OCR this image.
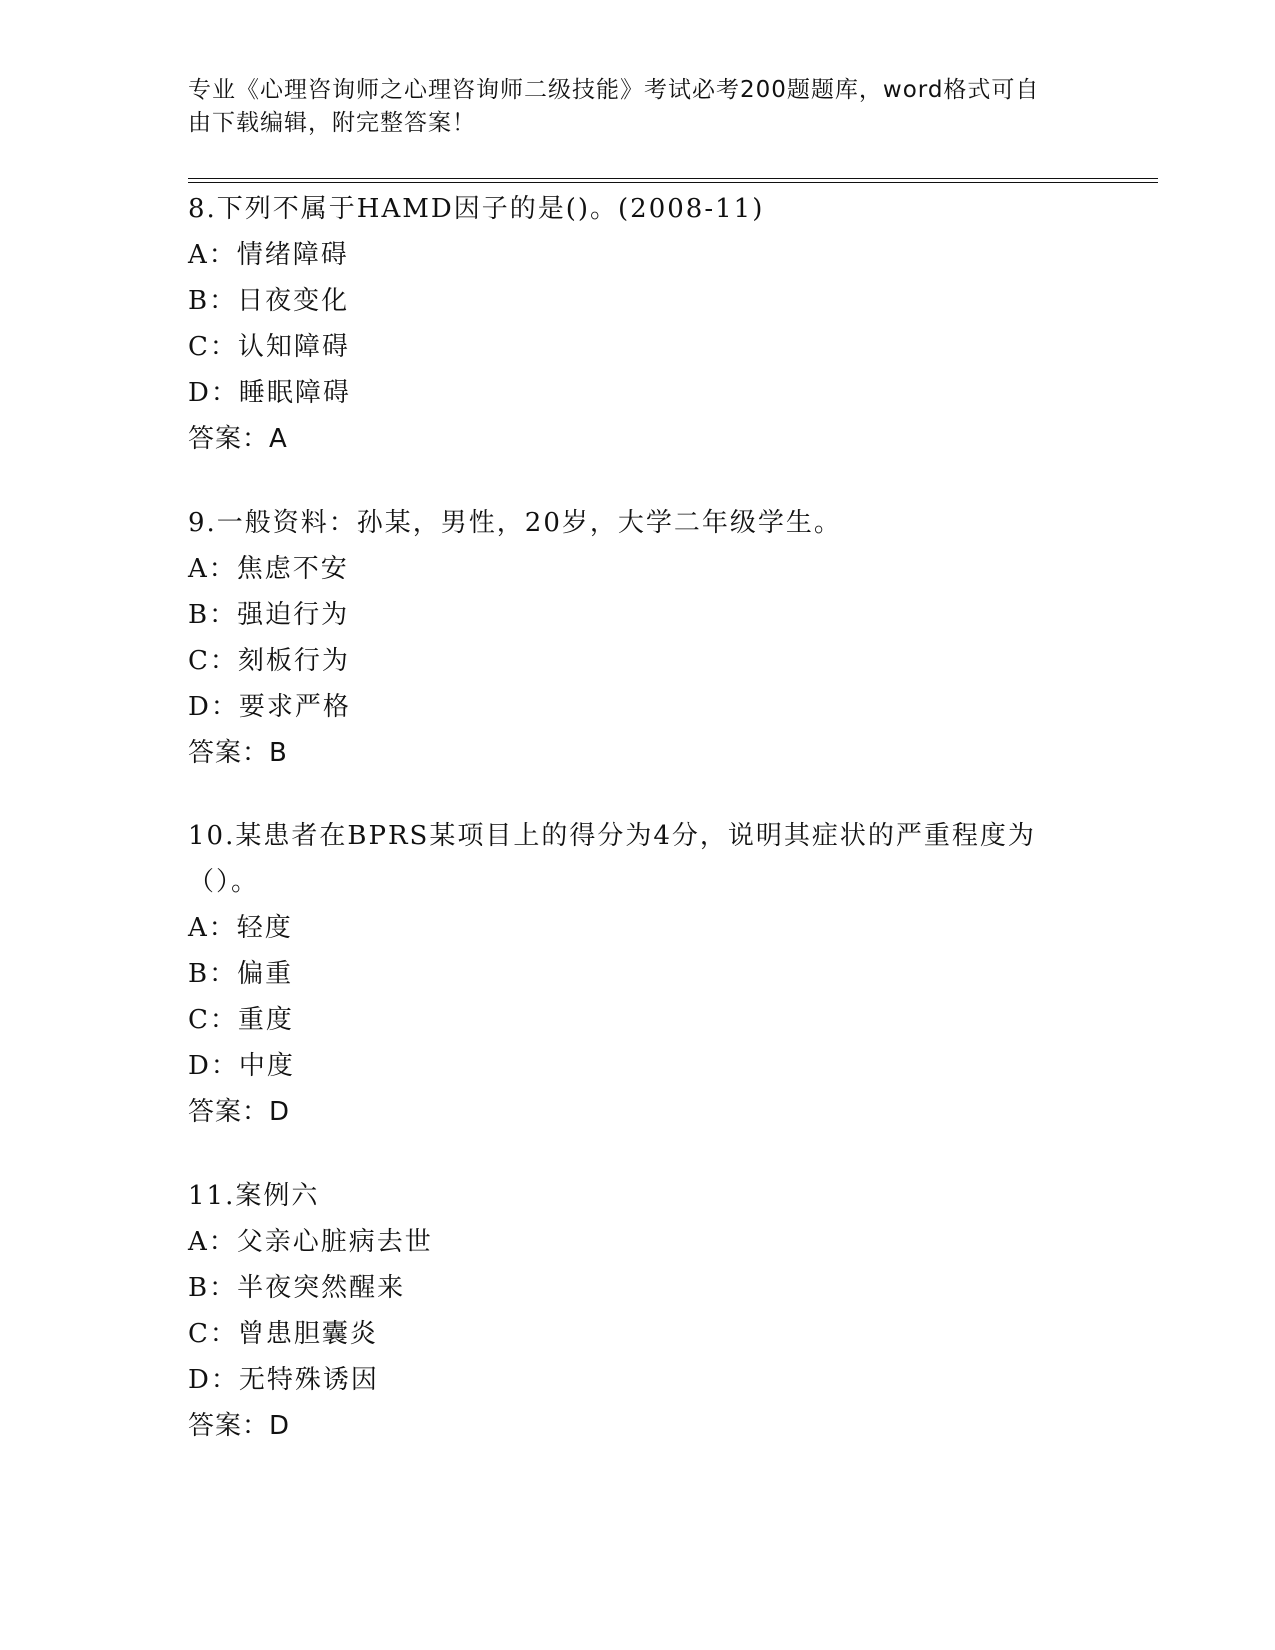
专业《心理咨询师之心理咨询师二级技能》考试必考200题题库，word格式可自
由下载编辑，附完整答案！
8.下列不属于HAMD因子的是()。(2008-11)
A：情绪障碍
B：日夜变化
C：认知障碍
D：睡眠障碍
答案：A
9.一般资料：孙某，男性，20岁，大学二年级学生。
A：焦虑不安
B：强迫行为
C：刻板行为
D：要求严格
答案：B
10.某患者在BPRS某项目上的得分为4分，说明其症状的严重程度为
（）。
A：轻度
B：偏重
C：重度
D：中度
答案：D
11.案例六
A：父亲心脏病去世
B：半夜突然醒来
C：曾患胆囊炎
D：无特殊诱因
答案：D
